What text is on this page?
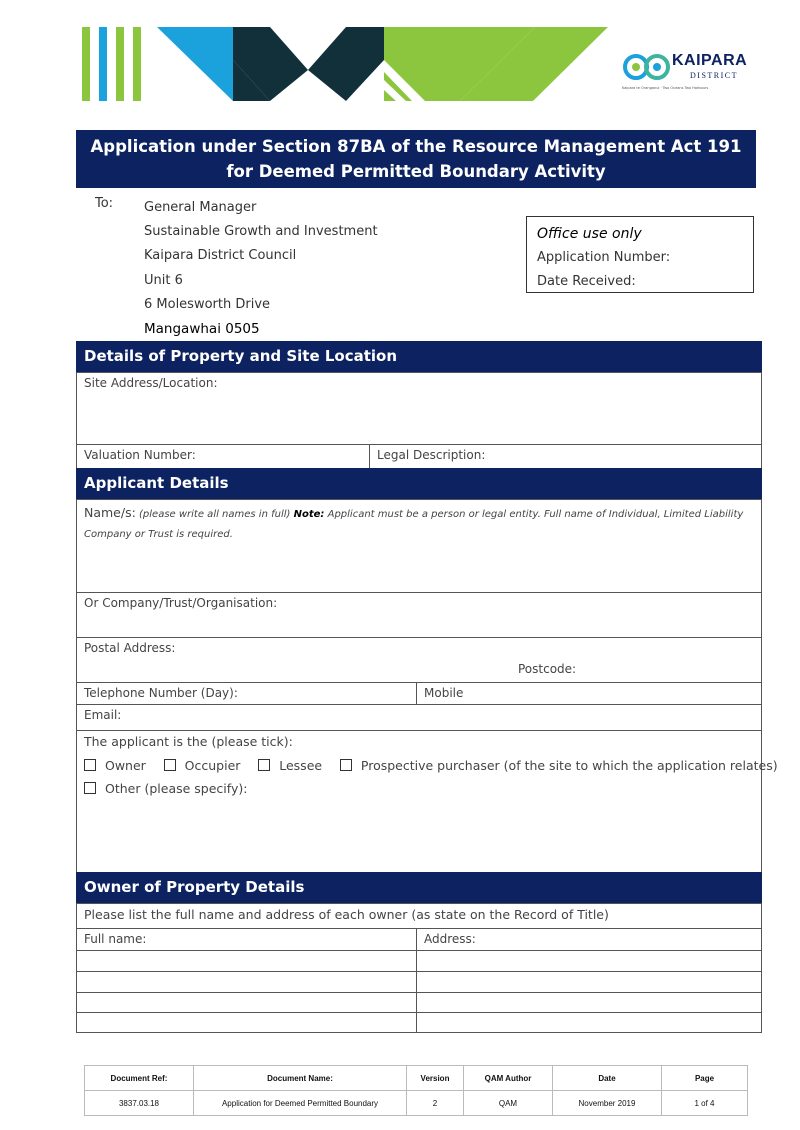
KAIPARA
DISTRICT
Kaipara te Oranganui · Two Oceans Two Harbours
Application under Section 87BA of the Resource Management Act 191 for Deemed Permitted Boundary Activity
To: General Manager
Sustainable Growth and Investment
Kaipara District Council
Unit 6
6 Molesworth Drive
Mangawhai 0505
Office use only
Application Number:
Date Received:
Details of Property and Site Location
Site Address/Location:
Valuation Number:	Legal Description:
Applicant Details
Name/s: (please write all names in full) Note: Applicant must be a person or legal entity. Full name of Individual, Limited Liability Company or Trust is required.
Or Company/Trust/Organisation:
Postal Address:
Postcode:
Telephone Number (Day):	Mobile
Email:
The applicant is the (please tick):
Owner	Occupier	Lessee	Prospective purchaser (of the site to which the application relates)
Other (please specify):
Owner of Property Details
Please list the full name and address of each owner (as state on the Record of Title)
Full name:	Address:
Document Ref:	Document Name:	Version	QAM Author	Date	Page
3837.03.18	Application for Deemed Permitted Boundary	2	QAM	November 2019	1 of 4
